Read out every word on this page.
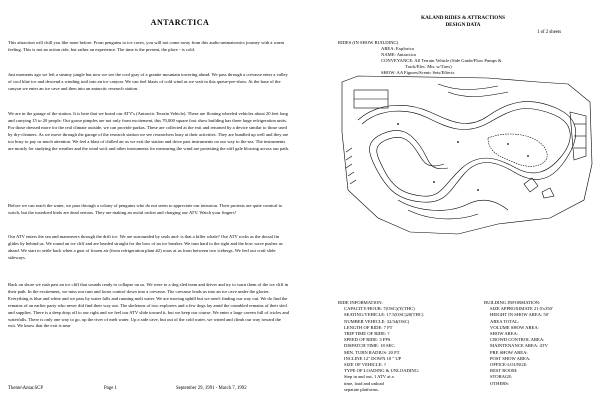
ANTARCTICA

This attraction will chill you like none before. From penguins to ice caves, you will not come away from this audio-animatronics journey with a warm feeling. This is not an action ride, but rather an experience. The time is the present, the place - is cold.

Just moments ago we left a steamy jungle but now we see the cool gray of a granite mountain towering ahead. We pass through a crevasse enter a valley of cool blue ice and descend a winding trail into an ice canyon. We can feel blasts of cold wind as we wait in this queue-pre-show. At the base of the canyon we enter an ice cave and then into an antarctic research station.

We are in the garage of the station. It is here that we board our ATV's (Antarctic Terrain Vehicle). These are floating wheeled vehicles about 20 feet long and carrying 15 to 20 people. Our goose pimples are not only from excitement, this 70,000 square foot show building has three large refrigeration units. For those dressed more for the real climate outside, we can provide parkas. These are collected at the exit and returned by a device similar to those used by dry-cleaners. As we move through the garage of the research station we see researchers busy at their activities. They are bundled up well and they are too busy to pay us much attention. We feel a blast of chilled air as we exit the station and drive past instruments on our way to the sea. The instruments are mostly for studying the weather and the wind sock and other instruments for measuring the wind are protesting the stiff gale blowing across our path.

Before we can reach the water, we pass through a colony of penguins who do not seem to appreciate our intrusion. Their protests are quite comical to watch, but the tuxedoed birds are dead serious. They are making an awful racket and charging our ATV. Watch your fingers!

Our ATV enters the sea and maneuvers through the drift ice. We are surrounded by seals and- is that a killer whale? Our ATV rocks as the dorsal fin glides by behind us. We round an ice cliff and are headed straight for the bow of an ice breaker. We turn hard to the right and the bow wave pushes us ahead. We start to settle back when a gust of frozen air (from refrigeration plant #2) roars at us from between two icebergs. We feel our craft slide sideways.

Back on shore we rush past an ice cliff that sounds ready to collapse on us. We were to a dog sled team and driver and try to warn them of the ice cliff in their path. In the excitement, we miss our turn and loose control down into a crevasse. The crevasse leads us into an ice cave under the glacier. Everything is blue and white and we pass by water falls and running melt water. We are moving uphill but we aren't finding our way out. We do find the remains of an earlier party who never did find their way out. The skeletons of two explorers and a few dogs lay amid the crumbled remains of their sled and supplies. There is a deep drop off to our right and we feel our ATV slide toward it, but we keep our course. We enter a large cavern full of icicles and waterfalls. There is only one way to go, up the river of melt water. Up a side cave, but out of the cold water, we wined and climb our way toward the exit. We know that the exit is near

Theme\Antar.SCP	Page 1	September 29, 1991 - March 7, 1992
KALAND RIDES & ATTRACTIONS
DESIGN DATA
1 of 2 sheets
RIDES (IN SHOW BUILDING)
AREA: Explorica
NAME: Antarctica
CONVEYANCE: All Terrain Vehicle (Side Guide/Flow Pumps &
Track/Elec. Mtr. w/Tires)
SHOW: AA Figures/Scenic Sets/Effects
RIDE INFORMATION:
CAPACITY/HOUR: 7(OSC)(Y(THC)
SEATING/VEHICLE: 17.5(OSC)20(THC)
NUMBER VEHICLE: 32/34(OSC)
LENGTH OF RIDE: 7 FT
TRIP TIME OF RIDE: ?
SPEED OF RIDE: 3 FPS
DISPATCH TIME: 18 SEC.
MIN. TURN RADIUS: 20 FT.
INCLINE 12" DOWN 10 " UP
SIZE OF VEHICLE: ?
TYPE OF LOADING & UNLOADING:
Step in and out, 1 ATV at a
time, load and unload
separate platforms.
BUILDING INFORMATION:
SIZE APPROXIMATE 21 0'x350'
HEIGHT IN SHOW AREA: 50'
AREA TOTAL:
VOLUME SHOW AREA:
SHOW AREA:
CROWD CONTROL AREA:
MAINTENANCE AREA: 4TV
PRE SHOW AREA:
POST SHOW AREA:
OFFICE-LOUNGE:
REST ROOM:
STORAGE:
OTHERS:
